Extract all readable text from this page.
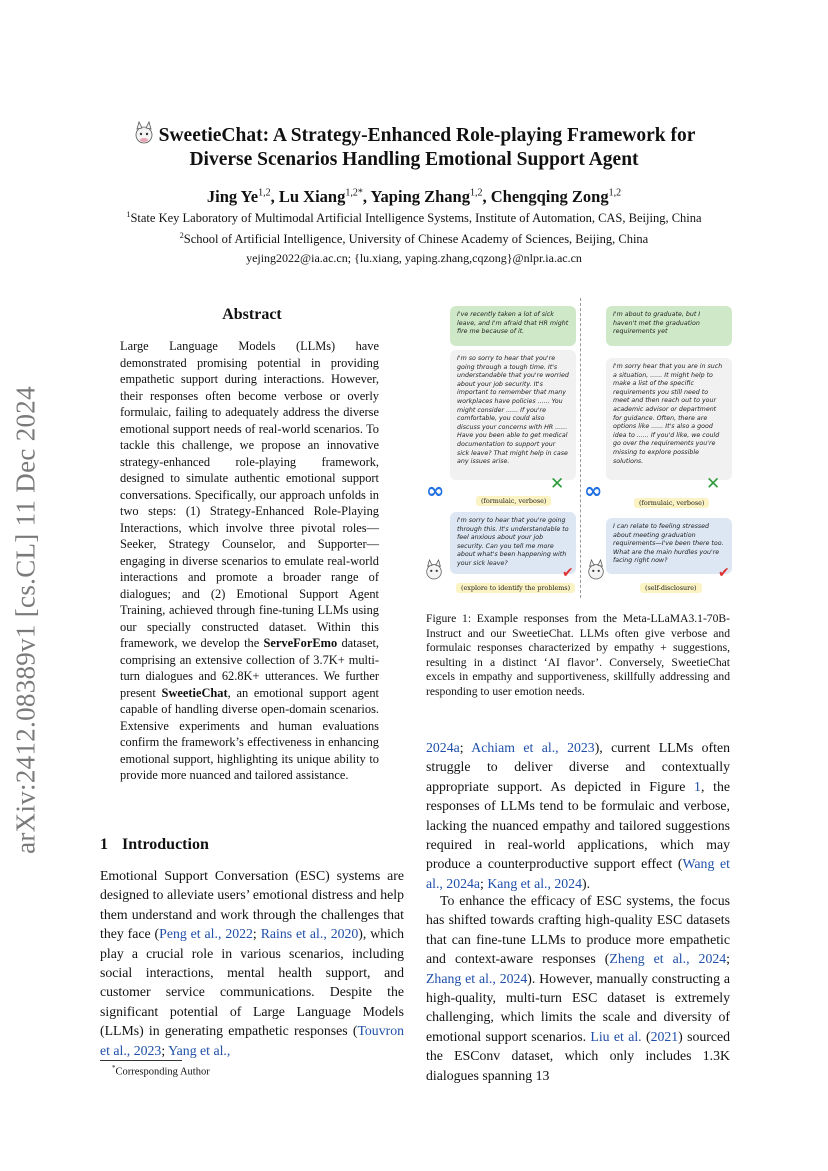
arXiv:2412.08389v1 [cs.CL] 11 Dec 2024
SweetieChat: A Strategy-Enhanced Role-playing Framework for
Diverse Scenarios Handling Emotional Support Agent
Jing Ye$^{1,2}$, Lu Xiang$^{1,2*}$, Yaping Zhang$^{1,2}$, Chengqing Zong$^{1,2}$
$^1$State Key Laboratory of Multimodal Artificial Intelligence Systems, Institute of Automation, CAS, Beijing, China
$^2$School of Artificial Intelligence, University of Chinese Academy of Sciences, Beijing, China
yejing2022@ia.ac.cn; {lu.xiang, yaping.zhang,cqzong}@nlpr.ia.ac.cn
Abstract
Large Language Models (LLMs) have demonstrated promising potential in providing empathetic support during interactions. However, their responses often become verbose or overly formulaic, failing to adequately address the diverse emotional support needs of real-world scenarios. To tackle this challenge, we propose an innovative strategy-enhanced role-playing framework, designed to simulate authentic emotional support conversations. Specifically, our approach unfolds in two steps: (1) Strategy-Enhanced Role-Playing Interactions, which involve three pivotal roles—Seeker, Strategy Counselor, and Supporter—engaging in diverse scenarios to emulate real-world interactions and promote a broader range of dialogues; and (2) Emotional Support Agent Training, achieved through fine-tuning LLMs using our specially constructed dataset. Within this framework, we develop the ServeForEmo dataset, comprising an extensive collection of 3.7K+ multi-turn dialogues and 62.8K+ utterances. We further present SweetieChat, an emotional support agent capable of handling diverse open-domain scenarios. Extensive experiments and human evaluations confirm the framework’s effectiveness in enhancing emotional support, highlighting its unique ability to provide more nuanced and tailored assistance.
1 Introduction
Emotional Support Conversation (ESC) systems are designed to alleviate users’ emotional distress and help them understand and work through the challenges that they face (Peng et al., 2022; Rains et al., 2020), which play a crucial role in various scenarios, including social interactions, mental health support, and customer service communications. Despite the significant potential of Large Language Models (LLMs) in generating empathetic responses (Touvron et al., 2023; Yang et al.,
*Corresponding Author
I've recently taken a lot of sick leave, and I'm afraid that HR might fire me because of it.
I'm so sorry to hear that you're going through a tough time. It's understandable that you're worried about your job security. It's important to remember that many workplaces have policies ...... You might consider ...... If you're comfortable, you could also discuss your concerns with HR ...... Have you been able to get medical documentation to support your sick leave? That might help in case any issues arise.
∞	✕
(formulaic, verbose)
I'm sorry to hear that you're going through this. It's understandable to feel anxious about your job security. Can you tell me more about what's been happening with your sick leave?
✔
(explore to identify the problems)
I'm about to graduate, but I haven't met the graduation requirements yet
I'm sorry hear that you are in such a situation, ...... It might help to make a list of the specific requirements you still need to meet and then reach out to your academic advisor or department for guidance. Often, there are options like ...... It's also a good idea to ...... If you'd like, we could go over the requirements you're missing to explore possible solutions.
∞	✕
(formulaic, verbose)
I can relate to feeling stressed about meeting graduation requirements—I've been there too. What are the main hurdles you're facing right now?
✔
(self-disclosure)
Figure 1: Example responses from the Meta-LLaMA3.1-70B-Instruct and our SweetieChat. LLMs often give verbose and formulaic responses characterized by empathy + suggestions, resulting in a distinct ‘AI flavor’. Conversely, SweetieChat excels in empathy and supportiveness, skillfully addressing and responding to user emotion needs.
2024a; Achiam et al., 2023), current LLMs often struggle to deliver diverse and contextually appropriate support. As depicted in Figure 1, the responses of LLMs tend to be formulaic and verbose, lacking the nuanced empathy and tailored suggestions required in real-world applications, which may produce a counterproductive support effect (Wang et al., 2024a; Kang et al., 2024).
To enhance the efficacy of ESC systems, the focus has shifted towards crafting high-quality ESC datasets that can fine-tune LLMs to produce more empathetic and context-aware responses (Zheng et al., 2024; Zhang et al., 2024). However, manually constructing a high-quality, multi-turn ESC dataset is extremely challenging, which limits the scale and diversity of emotional support scenarios. Liu et al. (2021) sourced the ESConv dataset, which only includes 1.3K dialogues spanning 13
